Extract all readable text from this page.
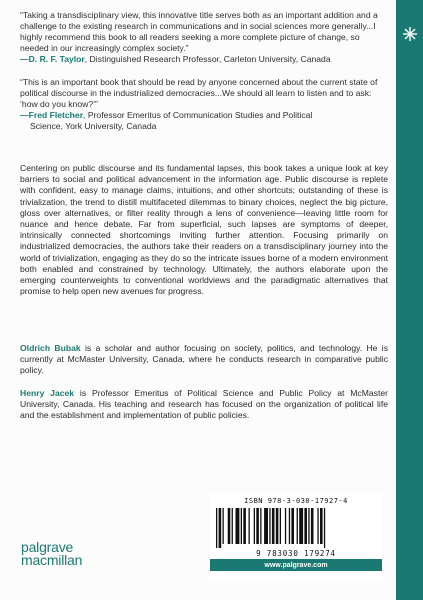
“Taking a transdisciplinary view, this innovative title serves both as an important addition and a challenge to the existing research in communications and in social sciences more generally...I highly recommend this book to all readers seeking a more complete picture of change, so needed in our increasingly complex society.”

—D. R. F. Taylor, Distinguished Research Professor, Carleton University, Canada

“This is an important book that should be read by anyone concerned about the current state of political discourse in the industrialized democracies...We should all learn to listen and to ask: ‘how do you know?’”

—Fred Fletcher, Professor Emeritus of Communication Studies and Political

Science, York University, Canada

Centering on public discourse and its fundamental lapses, this book takes a unique look at key barriers to social and political advancement in the information age. Public discourse is replete with confident, easy to manage claims, intuitions, and other shortcuts; outstanding of these is trivialization, the trend to distill multifaceted dilemmas to binary choices, neglect the big picture, gloss over alternatives, or filter reality through a lens of convenience—leaving little room for nuance and hence debate. Far from superficial, such lapses are symptoms of deeper, intrinsically connected shortcomings inviting further attention. Focusing primarily on industrialized democracies, the authors take their readers on a transdisciplinary journey into the world of trivialization, engaging as they do so the intricate issues borne of a modern environment both enabled and constrained by technology. Ultimately, the authors elaborate upon the emerging counterweights to conventional worldviews and the paradigmatic alternatives that promise to help open new avenues for progress.

Oldrich Bubak is a scholar and author focusing on society, politics, and technology. He is currently at McMaster University, Canada, where he conducts research in comparative public policy.

Henry Jacek is Professor Emeritus of Political Science and Public Policy at McMaster University, Canada. His teaching and research has focused on the organization of political life and the establishment and implementation of public policies.

ISBN 978-3-030-17927-4
9 783030 179274
www.palgrave.com
palgrave
macmillan
